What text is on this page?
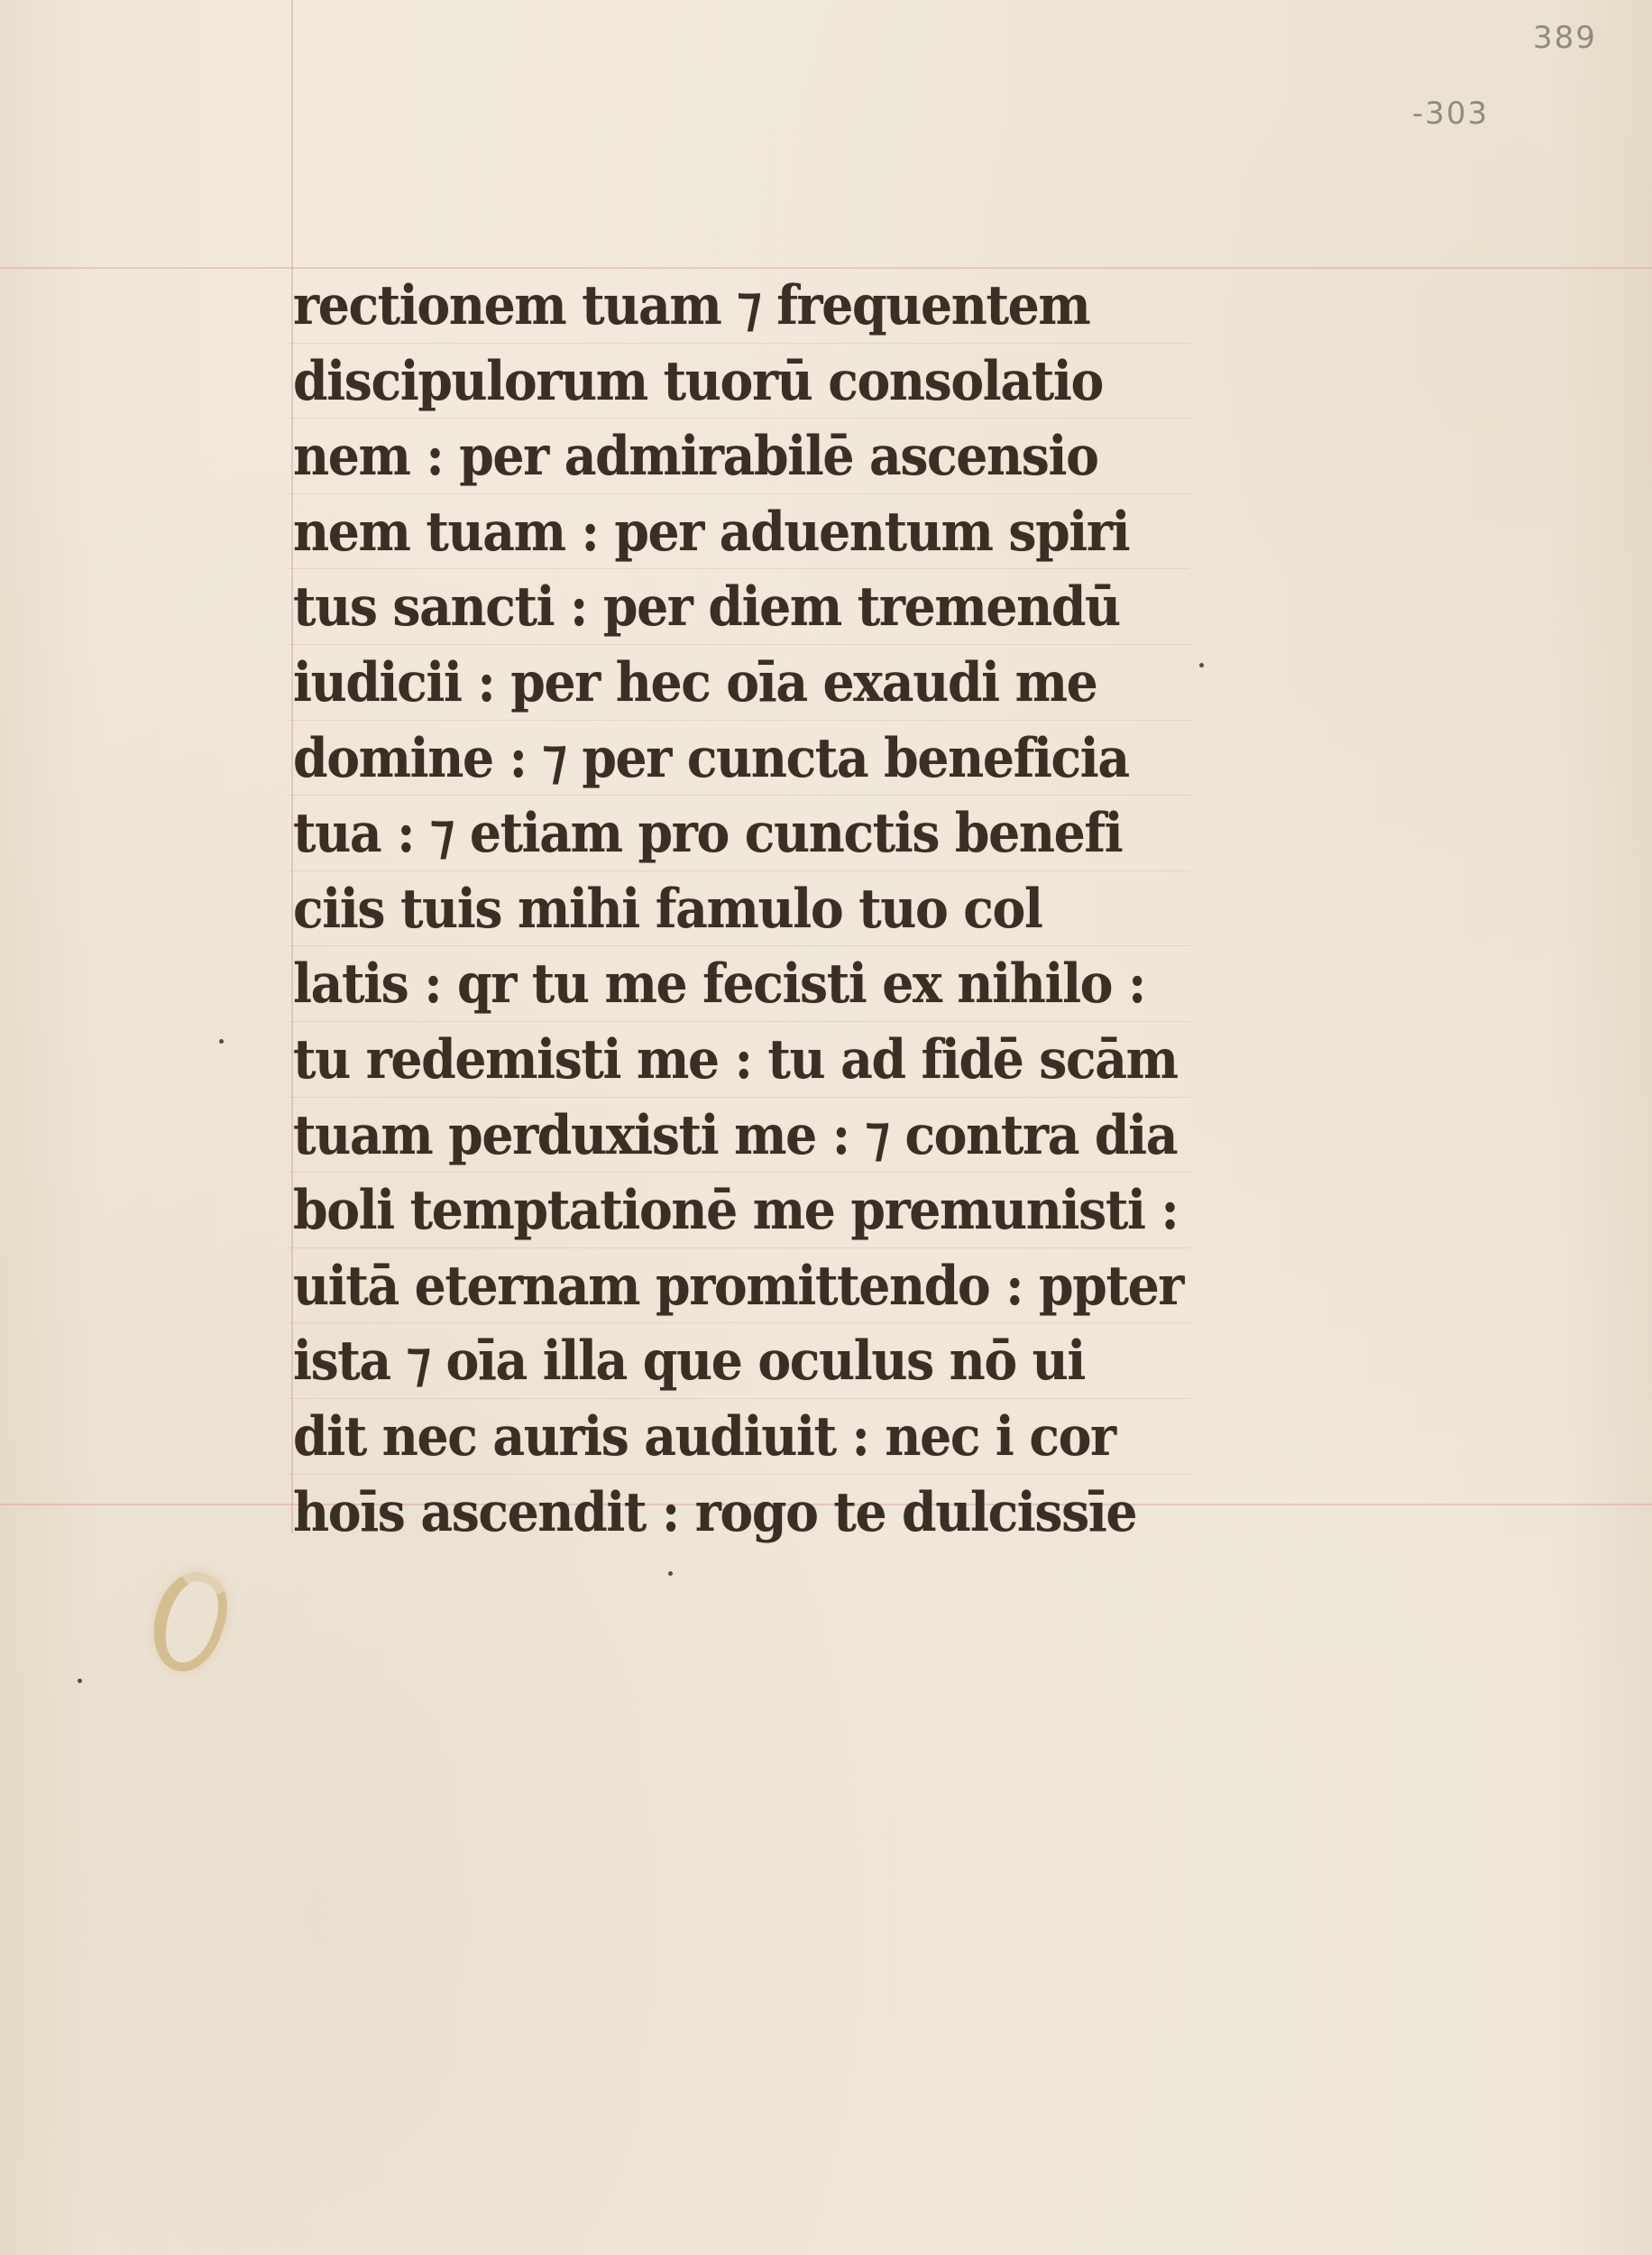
389
-303
rectionem tuam ⁊ frequentem
discipulorum tuorū consolatio
nem : per admirabilē ascensio
nem tuam : per aduentum spiri
tus sancti : per diem tremendū
iudicii : per hec oīa exaudi me
domine : ⁊ per cuncta beneficia
tua : ⁊ etiam pro cunctis benefi
ciis tuis mihi famulo tuo col
latis : qr tu me fecisti ex nihilo :
tu redemisti me : tu ad fidē scām
tuam perduxisti me : ⁊ contra dia
boli temptationē me premunisti :
uitā eternam promittendo : ppter
ista ⁊ oīa illa que oculus nō ui
dit nec auris audiuit : nec i cor
hoīs ascendit : rogo te dulcissīe
